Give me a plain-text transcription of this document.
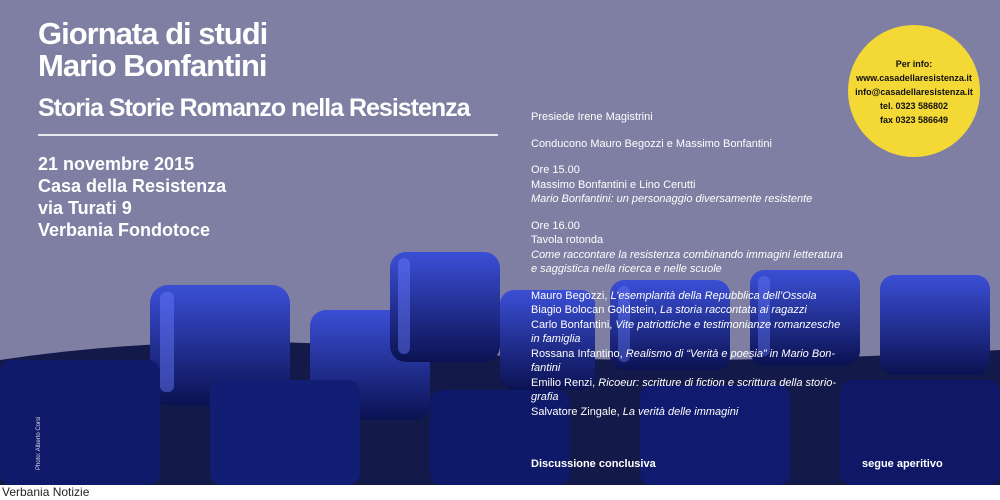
Giornata di studi
Mario Bonfantini
Storia Storie Romanzo nella Resistenza
21 novembre 2015
Casa della Resistenza
via Turati 9
Verbania Fondotoce
Per info:
www.casadellaresistenza.it
info@casadellaresistenza.it
tel. 0323 586802
fax 0323 586649

Presiede Irene Magistrini

Conducono Mauro Begozzi e Massimo Bonfantini

Ore 15.00

Massimo Bonfantini e Lino Cerutti

Mario Bonfantini: un personaggio diversamente resistente

Ore 16.00

Tavola rotonda

Come raccontare la resistenza combinando immagini letteratura

e saggistica nella ricerca e nelle scuole

Mauro Begozzi, L’esemplarità della Repubblica dell’Ossola

Biagio Bolocan Goldstein, La storia raccontata ai ragazzi

Carlo Bonfantini, Vite patriottiche e testimonianze romanzesche

in famiglia

Rossana Infantino, Realismo di “Verità e poesia” in Mario Bon-

fantini

Emilio Renzi, Ricoeur: scritture di fiction e scrittura della storio-

grafia

Salvatore Zingale, La verità delle immagini

Discussione conclusiva	segue aperitivo
Photo: Alberto Corsi
Verbania Notizie
